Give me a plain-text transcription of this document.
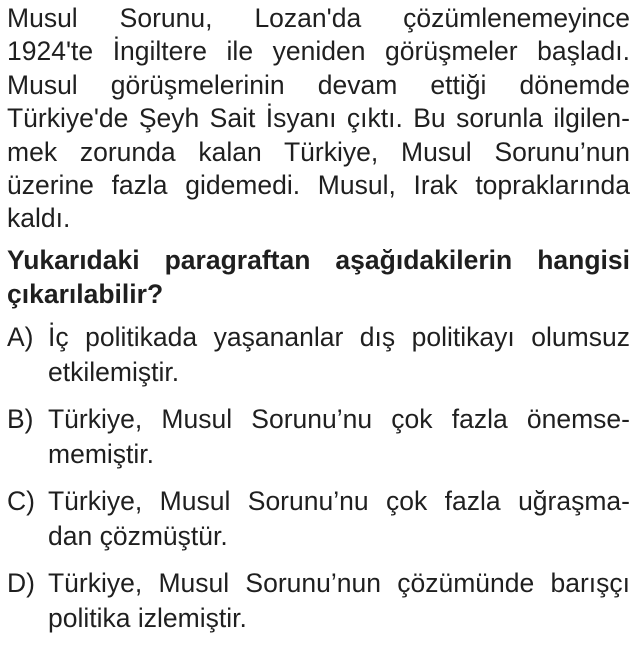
Musul Sorunu, Lozan'da çözümlenemeyince
1924'te İngiltere ile yeniden görüşmeler başladı.
Musul görüşmelerinin devam ettiği dönemde
Türkiye'de Şeyh Sait İsyanı çıktı. Bu sorunla ilgilen-
mek zorunda kalan Türkiye, Musul Sorunu’nun
üzerine fazla gidemedi. Musul, Irak topraklarında
kaldı.
Yukarıdaki paragraftan aşağıdakilerin hangisi
çıkarılabilir?
A) İç politikada yaşananlar dış politikayı olumsuz
etkilemiştir.
B) Türkiye, Musul Sorunu’nu çok fazla önemse-
memiştir.
C) Türkiye, Musul Sorunu’nu çok fazla uğraşma-
dan çözmüştür.
D) Türkiye, Musul Sorunu’nun çözümünde barışçı
politika izlemiştir.
